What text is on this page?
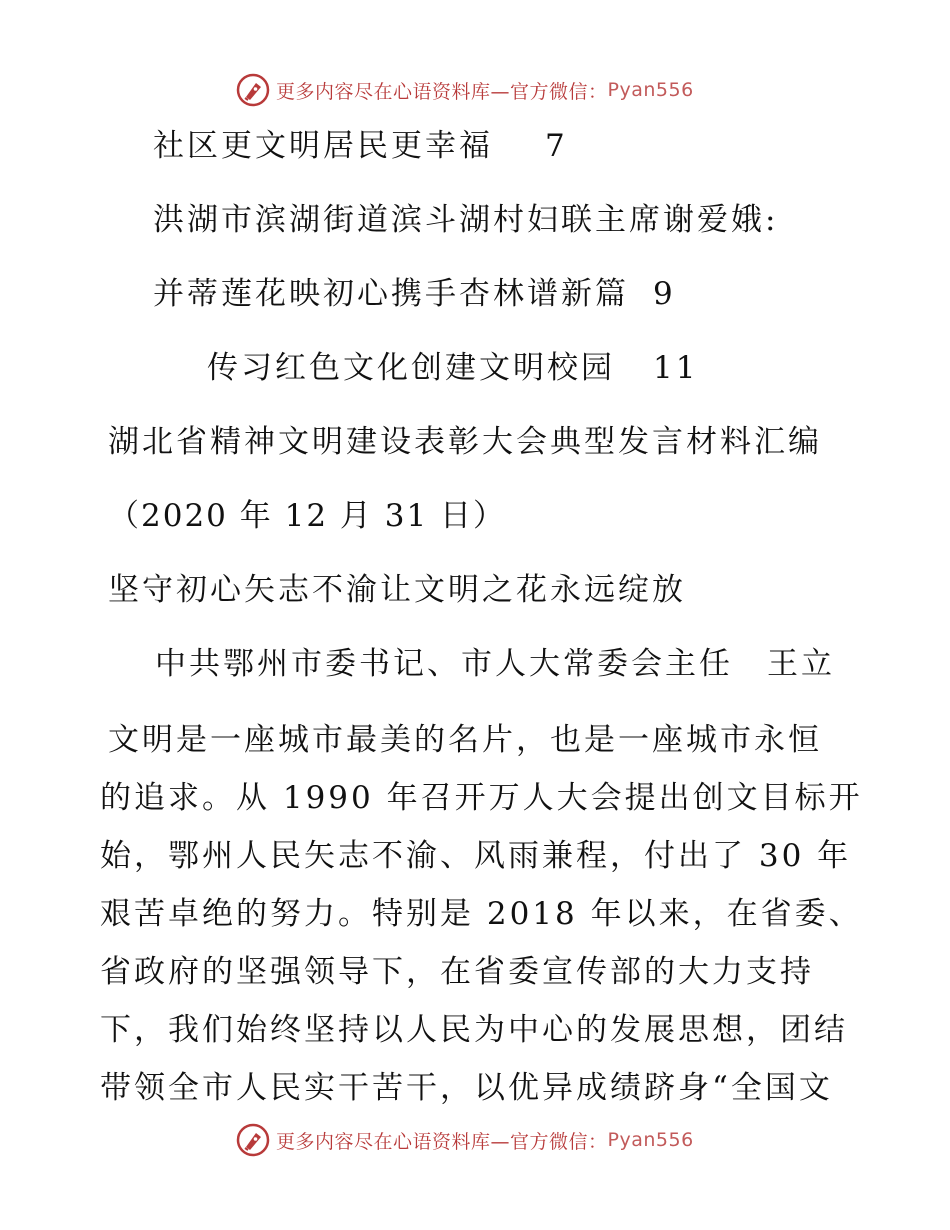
更多内容尽在心语资料库—官方微信： Pyan556
社区更文明居民更幸福 7
洪湖市滨湖街道滨斗湖村妇联主席谢爱娥:
并蒂莲花映初心携手杏林谱新篇 9
传习红色文化创建文明校园 11
湖北省精神文明建设表彰大会典型发言材料汇编
（2020 年 12 月 31 日）
坚守初心矢志不渝让文明之花永远绽放
中共鄂州市委书记、市人大常委会主任　王立
文明是一座城市最美的名片，也是一座城市永恒
的追求。从 1990 年召开万人大会提出创文目标开
始，鄂州人民矢志不渝、风雨兼程，付出了 30 年
艰苦卓绝的努力。特别是 2018 年以来，在省委、
省政府的坚强领导下，在省委宣传部的大力支持
下，我们始终坚持以人民为中心的发展思想，团结
带领全市人民实干苦干，以优异成绩跻身“全国文
更多内容尽在心语资料库—官方微信： Pyan556
